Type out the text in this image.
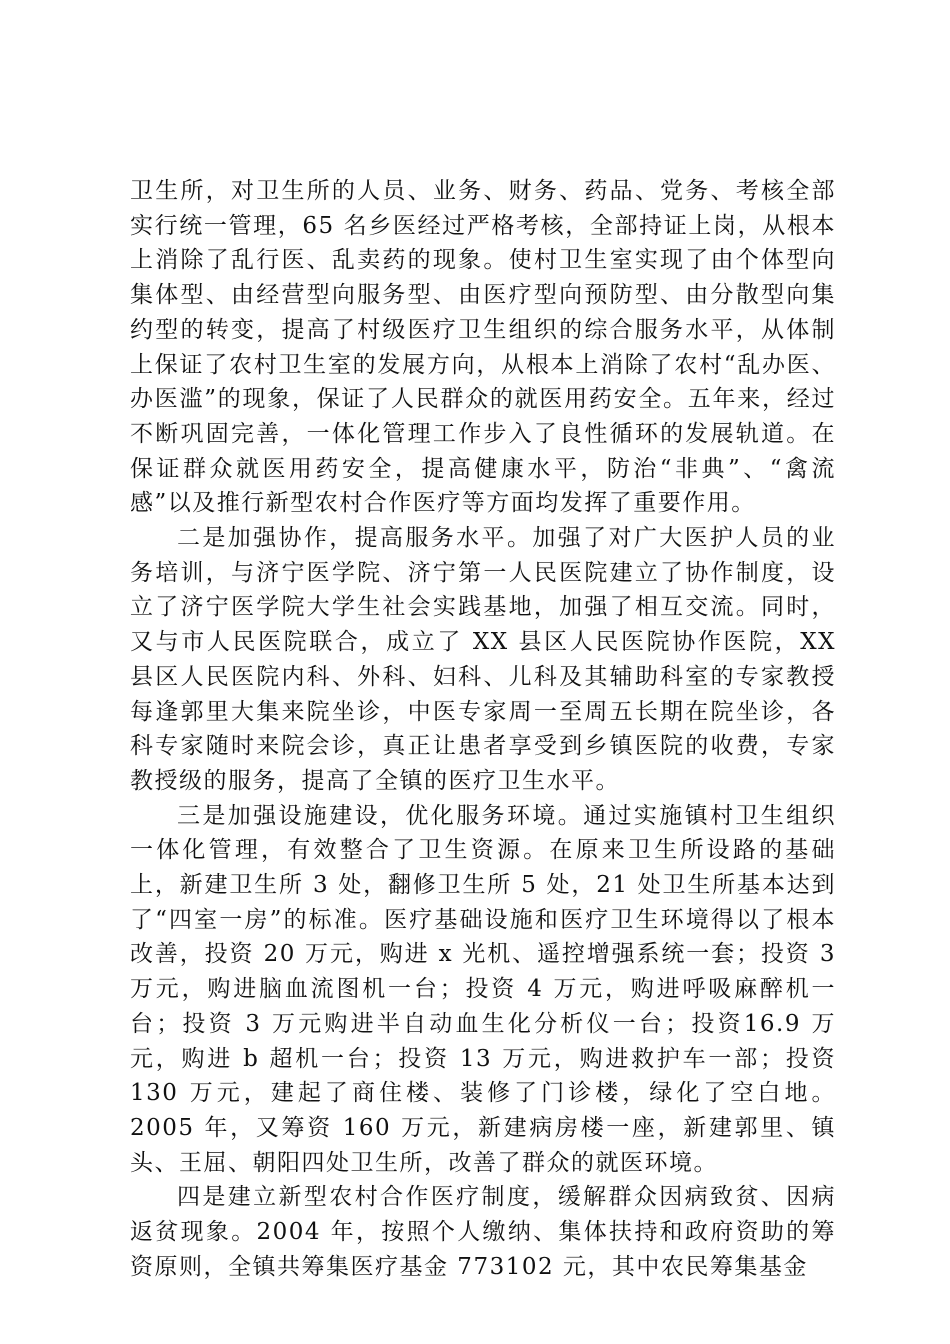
卫生所，对卫生所的人员、业务、财务、药品、党务、考核全部实行统一管理，65 名乡医经过严格考核，全部持证上岗，从根本上消除了乱行医、乱卖药的现象。使村卫生室实现了由个体型向集体型、由经营型向服务型、由医疗型向预防型、由分散型向集约型的转变，提高了村级医疗卫生组织的综合服务水平，从体制上保证了农村卫生室的发展方向，从根本上消除了农村“乱办医、办医滥”的现象，保证了人民群众的就医用药安全。五年来，经过不断巩固完善，一体化管理工作步入了良性循环的发展轨道。在保证群众就医用药安全，提高健康水平，防治“非典”、“禽流感”以及推行新型农村合作医疗等方面均发挥了重要作用。

二是加强协作，提高服务水平。加强了对广大医护人员的业务培训，与济宁医学院、济宁第一人民医院建立了协作制度，设立了济宁医学院大学生社会实践基地，加强了相互交流。同时，又与市人民医院联合，成立了 XX 县区人民医院协作医院，XX 县区人民医院内科、外科、妇科、儿科及其辅助科室的专家教授每逢郭里大集来院坐诊，中医专家周一至周五长期在院坐诊，各科专家随时来院会诊，真正让患者享受到乡镇医院的收费，专家教授级的服务，提高了全镇的医疗卫生水平。

三是加强设施建设，优化服务环境。通过实施镇村卫生组织一体化管理，有效整合了卫生资源。在原来卫生所设路的基础上，新建卫生所 3 处，翻修卫生所 5 处，21 处卫生所基本达到了“四室一房”的标准。医疗基础设施和医疗卫生环境得以了根本改善，投资 20 万元，购进 x 光机、遥控增强系统一套；投资 3 万元，购进脑血流图机一台；投资 4 万元，购进呼吸麻醉机一台；投资 3 万元购进半自动血生化分析仪一台；投资16.9 万元，购进 b 超机一台；投资 13 万元，购进救护车一部；投资 130 万元，建起了商住楼、装修了门诊楼，绿化了空白地。2005 年，又筹资 160 万元，新建病房楼一座，新建郭里、镇头、王屈、朝阳四处卫生所，改善了群众的就医环境。

四是建立新型农村合作医疗制度，缓解群众因病致贫、因病返贫现象。2004 年，按照个人缴纳、集体扶持和政府资助的筹资原则，全镇共筹集医疗基金 773102 元，其中农民筹集基金
